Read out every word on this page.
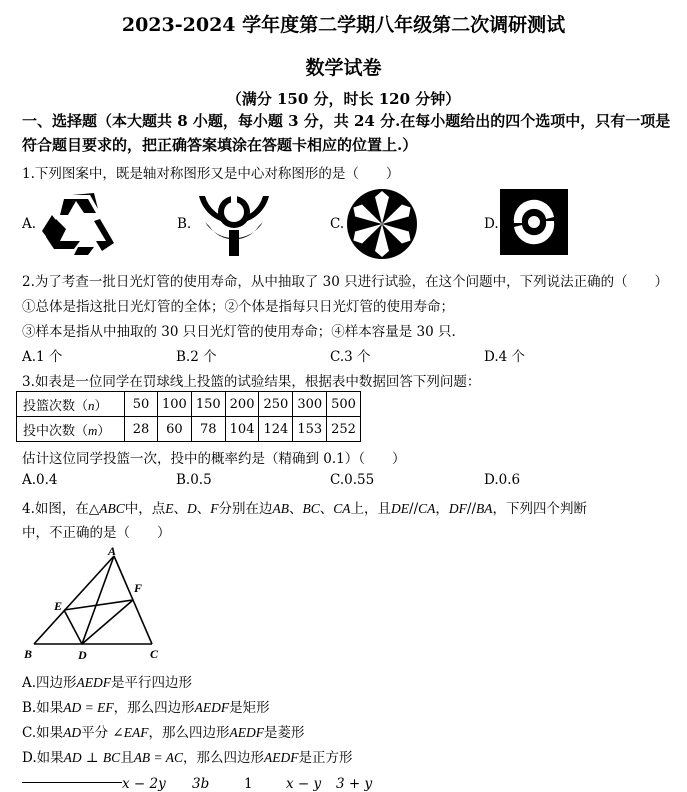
2023-2024 学年度第二学期八年级第二次调研测试
数学试卷
（满分 150 分，时长 120 分钟）
一、选择题（本大题共 8 小题，每小题 3 分，共 24 分.在每小题给出的四个选项中，只有一项是符合题目要求的，把正确答案填涂在答题卡相应的位置上.）
1.下列图案中，既是轴对称图形又是中心对称图形的是（　　）
A.	B.	C.	D.
2.为了考查一批日光灯管的使用寿命，从中抽取了 30 只进行试验，在这个问题中，下列说法正确的（　　）
①总体是指这批日光灯管的全体；②个体是指每只日光灯管的使用寿命；
③样本是指从中抽取的 30 只日光灯管的使用寿命；④样本容量是 30 只.
A.1 个	B.2 个	C.3 个	D.4 个
3.如表是一位同学在罚球线上投篮的试验结果，根据表中数据回答下列问题：
投篮次数（n）	50	100	150	200	250	300	500
投中次数（m）	28	60	78	104	124	153	252
估计这位同学投篮一次，投中的概率约是（精确到 0.1）（　　）
A.0.4	B.0.5	C.0.55	D.0.6
4.如图，在△ABC中，点E、D、F分别在边AB、BC、CA上，且DE//CA，DF//BA，下列四个判断
中，不正确的是（　　）
A
B	C
D
E
F
A.四边形AEDF是平行四边形
B.如果AD = EF，那么四边形AEDF是矩形
C.如果AD平分 ∠EAF，那么四边形AEDF是菱形
D.如果AD ⊥ BC且AB = AC，那么四边形AEDF是正方形
x − 2y 3b	1 x − y 3 + y
